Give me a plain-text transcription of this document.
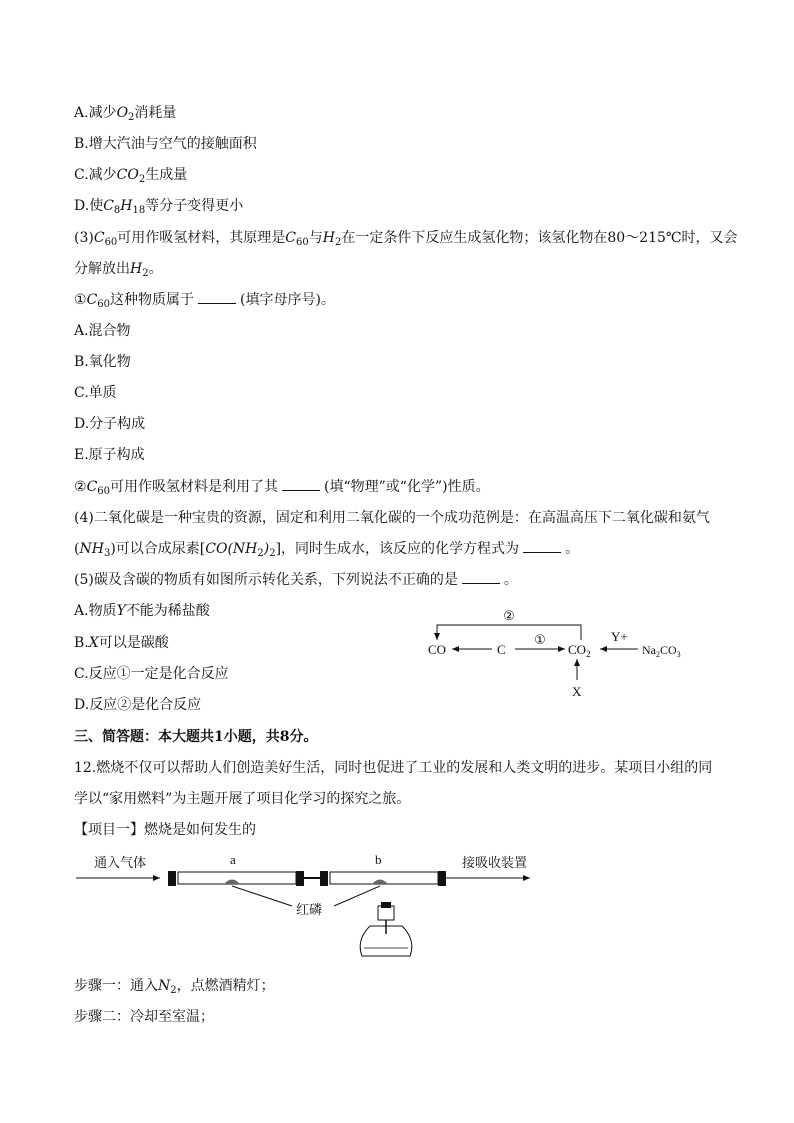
A.减少$O_2$消耗量
B.增大汽油与空气的接触面积
C.减少$CO_2$生成量
D.使$C_8H_{18}$等分子变得更小
$(3)C_{60}$可用作吸氢材料，其原理是$C_{60}$与$H_2$在一定条件下反应生成氢化物；该氢化物在80～215℃时，又会
分解放出$H_2$。
$①C_{60}$这种物质属于	(填字母序号)。
A.混合物
B.氧化物
C.单质
D.分子构成
E.原子构成
$②C_{60}$可用作吸氢材料是利用了其	(填“物理”或“化学”)性质。
(4)二氧化碳是一种宝贵的资源，固定和利用二氧化碳的一个成功范例是：在高温高压下二氧化碳和氨气
$(NH_3)$可以合成尿素$[CO(NH_2)_2]$，同时生成水，该反应的化学方程式为	。
(5)碳及含碳的物质有如图所示转化关系，下列说法不正确的是	。
A.物质Y不能为稀盐酸
B.X可以是碳酸
C.反应①一定是化合反应
D.反应②是化合反应
②
CO	C
①
$CO_2$
Y+
$Na_2CO_3$
X
三、简答题：本大题共1小题，共8分。
12.燃烧不仅可以帮助人们创造美好生活，同时也促进了工业的发展和人类文明的进步。某项目小组的同
学以“家用燃料”为主题开展了项目化学习的探究之旅。
【项目一】燃烧是如何发生的
通入气体	a	b	接吸收装置
红磷
步骤一：通入$N_2$，点燃酒精灯；
步骤二：冷却至室温；
